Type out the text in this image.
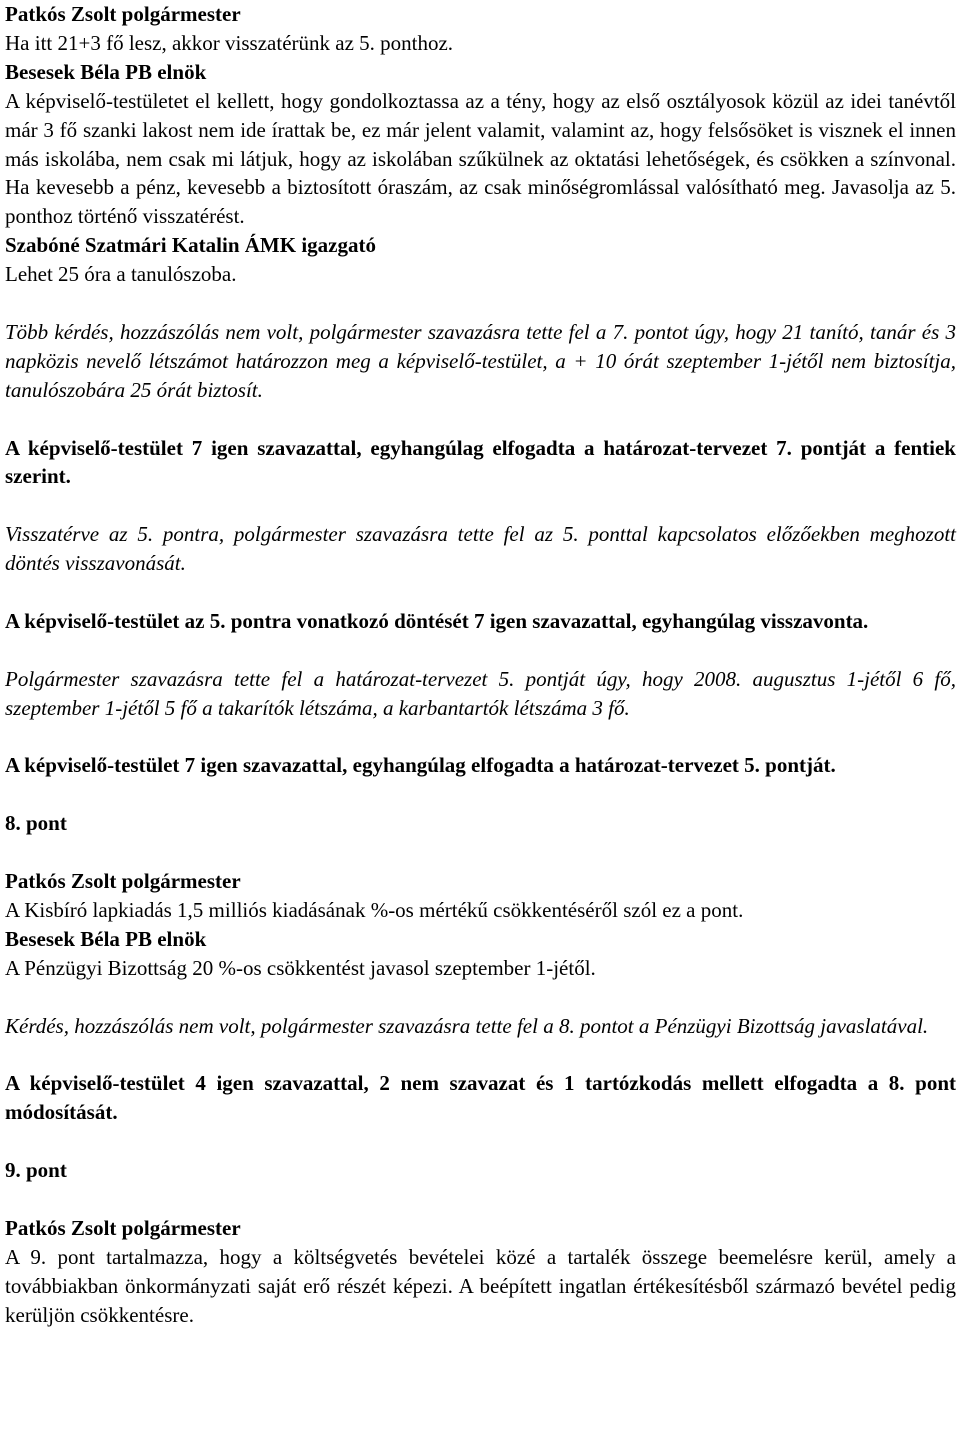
Patkós Zsolt polgármester

Ha itt 21+3 fő lesz, akkor visszatérünk az 5. ponthoz.

Besesek Béla PB elnök

A képviselő-testületet el kellett, hogy gondolkoztassa az a tény, hogy az első osztályosok közül az idei tanévtől már 3 fő szanki lakost nem ide írattak be, ez már jelent valamit, valamint az, hogy felsősöket is visznek el innen más iskolába, nem csak mi látjuk, hogy az iskolában szűkülnek az oktatási lehetőségek, és csökken a színvonal. Ha kevesebb a pénz, kevesebb a biztosított óraszám, az csak minőségromlással valósítható meg. Javasolja az 5. ponthoz történő visszatérést.

Szabóné Szatmári Katalin ÁMK igazgató

Lehet 25 óra a tanulószoba.

Több kérdés, hozzászólás nem volt, polgármester szavazásra tette fel a 7. pontot úgy, hogy 21 tanító, tanár és 3 napközis nevelő létszámot határozzon meg a képviselő-testület, a + 10 órát szeptember 1-jétől nem biztosítja, tanulószobára 25 órát biztosít.

A képviselő-testület 7 igen szavazattal, egyhangúlag elfogadta a határozat-tervezet 7. pontját a fentiek szerint.

Visszatérve az 5. pontra, polgármester szavazásra tette fel az 5. ponttal kapcsolatos előzőekben meghozott döntés visszavonását.

A képviselő-testület az 5. pontra vonatkozó döntését 7 igen szavazattal, egyhangúlag visszavonta.

Polgármester szavazásra tette fel a határozat-tervezet 5. pontját úgy, hogy 2008. augusztus 1-jétől 6 fő, szeptember 1-jétől 5 fő a takarítók létszáma, a karbantartók létszáma 3 fő.

A képviselő-testület 7 igen szavazattal, egyhangúlag elfogadta a határozat-tervezet 5. pontját.

8. pont

Patkós Zsolt polgármester

A Kisbíró lapkiadás 1,5 milliós kiadásának %-os mértékű csökkentéséről szól ez a pont.

Besesek Béla PB elnök

A Pénzügyi Bizottság 20 %-os csökkentést javasol szeptember 1-jétől.

Kérdés, hozzászólás nem volt, polgármester szavazásra tette fel a 8. pontot a Pénzügyi Bizottság javaslatával.

A képviselő-testület 4 igen szavazattal, 2 nem szavazat és 1 tartózkodás mellett elfogadta a 8. pont módosítását.

9. pont

Patkós Zsolt polgármester

A 9. pont tartalmazza, hogy a költségvetés bevételei közé a tartalék összege beemelésre kerül, amely a továbbiakban önkormányzati saját erő részét képezi. A beépített ingatlan értékesítésből származó bevétel pedig kerüljön csökkentésre.
